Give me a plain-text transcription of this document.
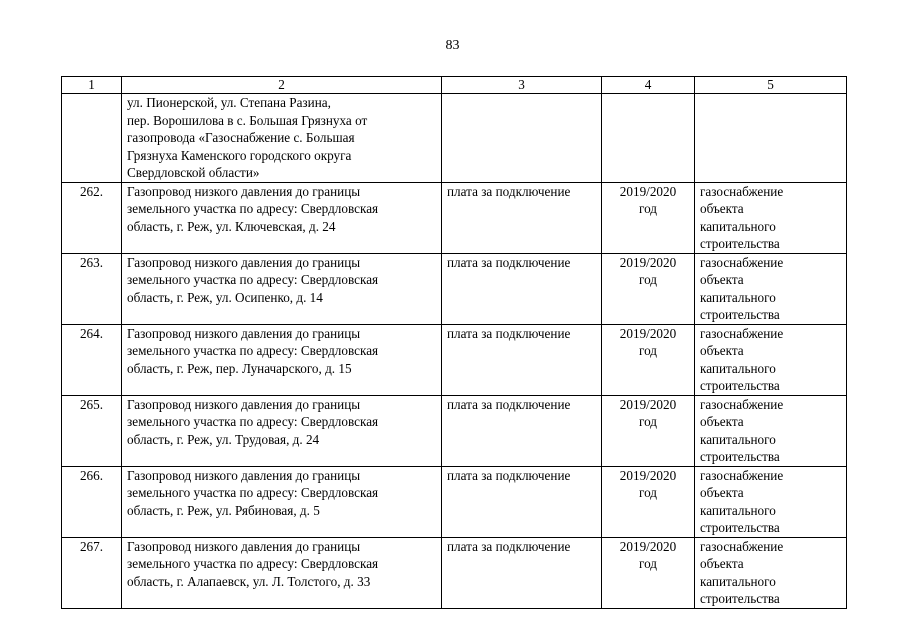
83
1	2	3	4	5

	ул. Пионерской, ул. Степана Разина,
пер. Ворошилова в с. Большая Грязнуха от
газопровода «Газоснабжение с. Большая
Грязнуха Каменского городского округа
Свердловской области»			

262.	Газопровод низкого давления до границы
земельного участка по адресу: Свердловская
область, г. Реж, ул. Ключевская, д. 24	плата за подключение	2019/2020
год	газоснабжение
объекта
капитального
строительства

263.	Газопровод низкого давления до границы
земельного участка по адресу: Свердловская
область, г. Реж, ул. Осипенко, д. 14	плата за подключение	2019/2020
год	газоснабжение
объекта
капитального
строительства

264.	Газопровод низкого давления до границы
земельного участка по адресу: Свердловская
область, г. Реж, пер. Луначарского, д. 15	плата за подключение	2019/2020
год	газоснабжение
объекта
капитального
строительства

265.	Газопровод низкого давления до границы
земельного участка по адресу: Свердловская
область, г. Реж, ул. Трудовая, д. 24	плата за подключение	2019/2020
год	газоснабжение
объекта
капитального
строительства

266.	Газопровод низкого давления до границы
земельного участка по адресу: Свердловская
область, г. Реж, ул. Рябиновая, д. 5	плата за подключение	2019/2020
год	газоснабжение
объекта
капитального
строительства

267.	Газопровод низкого давления до границы
земельного участка по адресу: Свердловская
область, г. Алапаевск, ул. Л. Толстого, д. 33	плата за подключение	2019/2020
год	газоснабжение
объекта
капитального
строительства
